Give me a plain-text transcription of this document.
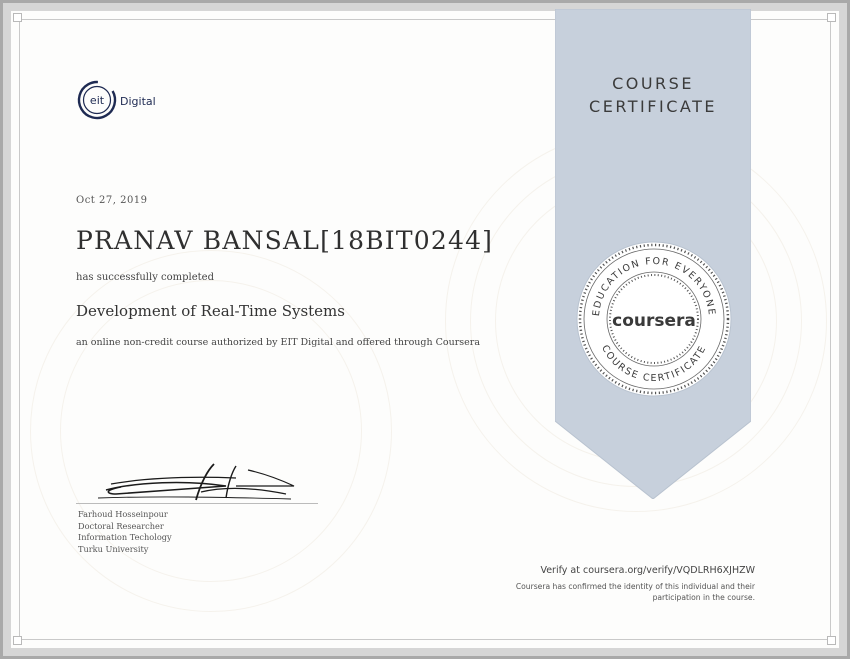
eit Digital
Oct 27, 2019
PRANAV BANSAL[18BIT0244]
has successfully completed
Development of Real-Time Systems
an online non-credit course authorized by EIT Digital and offered through Coursera
Farhoud Hosseinpour
Doctoral Researcher
Information Techology
Turku University
COURSE
CERTIFICATE
EDUCATION FOR EVERYONE
COURSE CERTIFICATE
coursera
Verify at coursera.org/verify/VQDLRH6XJHZW
Coursera has confirmed the identity of this individual and their
participation in the course.
